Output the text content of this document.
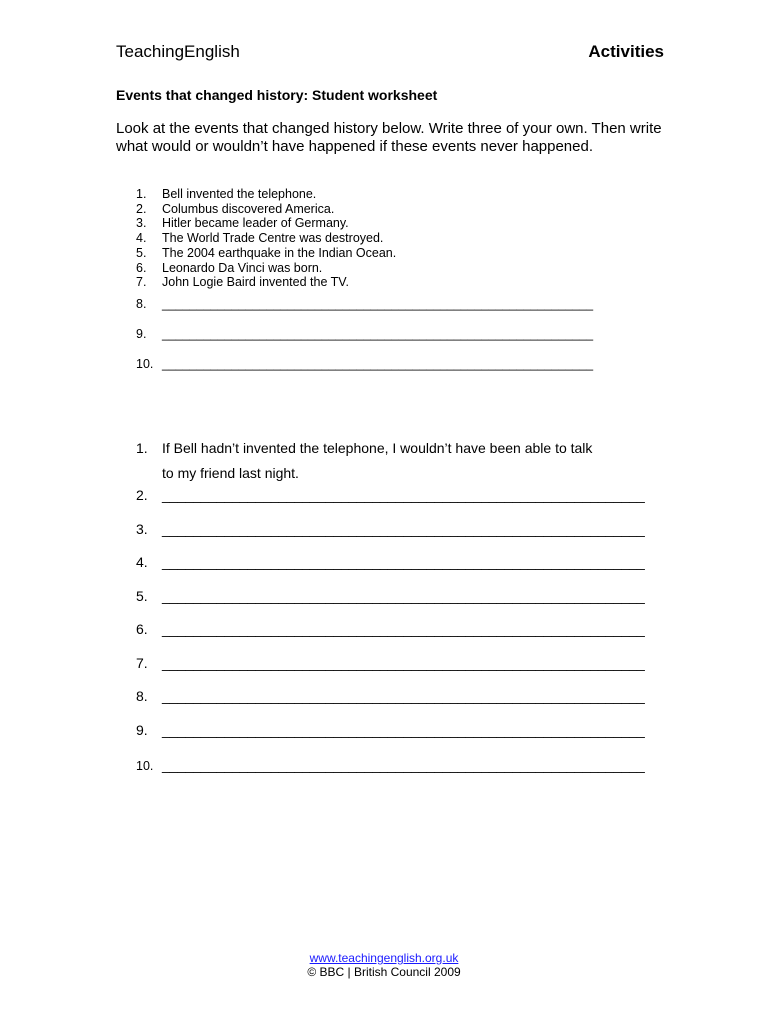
TeachingEnglish	Activities
Events that changed history: Student worksheet
Look at the events that changed history below. Write three of your own. Then write what would or wouldn’t have happened if these events never happened.
1.	Bell invented the telephone.
2.	Columbus discovered America.
3.	Hitler became leader of Germany.
4.	The World Trade Centre was destroyed.
5.	The 2004 earthquake in the Indian Ocean.
6.	Leonardo Da Vinci was born.
7.	John Logie Baird invented the TV.
8.	______________________________________________________________
9.	______________________________________________________________
10. ______________________________________________________________
1.	If Bell hadn’t invented the telephone, I wouldn’t have been able to talk
to my friend last night.
2.	______________________________________________________________
3.	______________________________________________________________
4.	______________________________________________________________
5.	______________________________________________________________
6.	______________________________________________________________
7.	______________________________________________________________
8.	______________________________________________________________
9.	______________________________________________________________
10. ______________________________________________________________
www.teachingenglish.org.uk
© BBC | British Council 2009
